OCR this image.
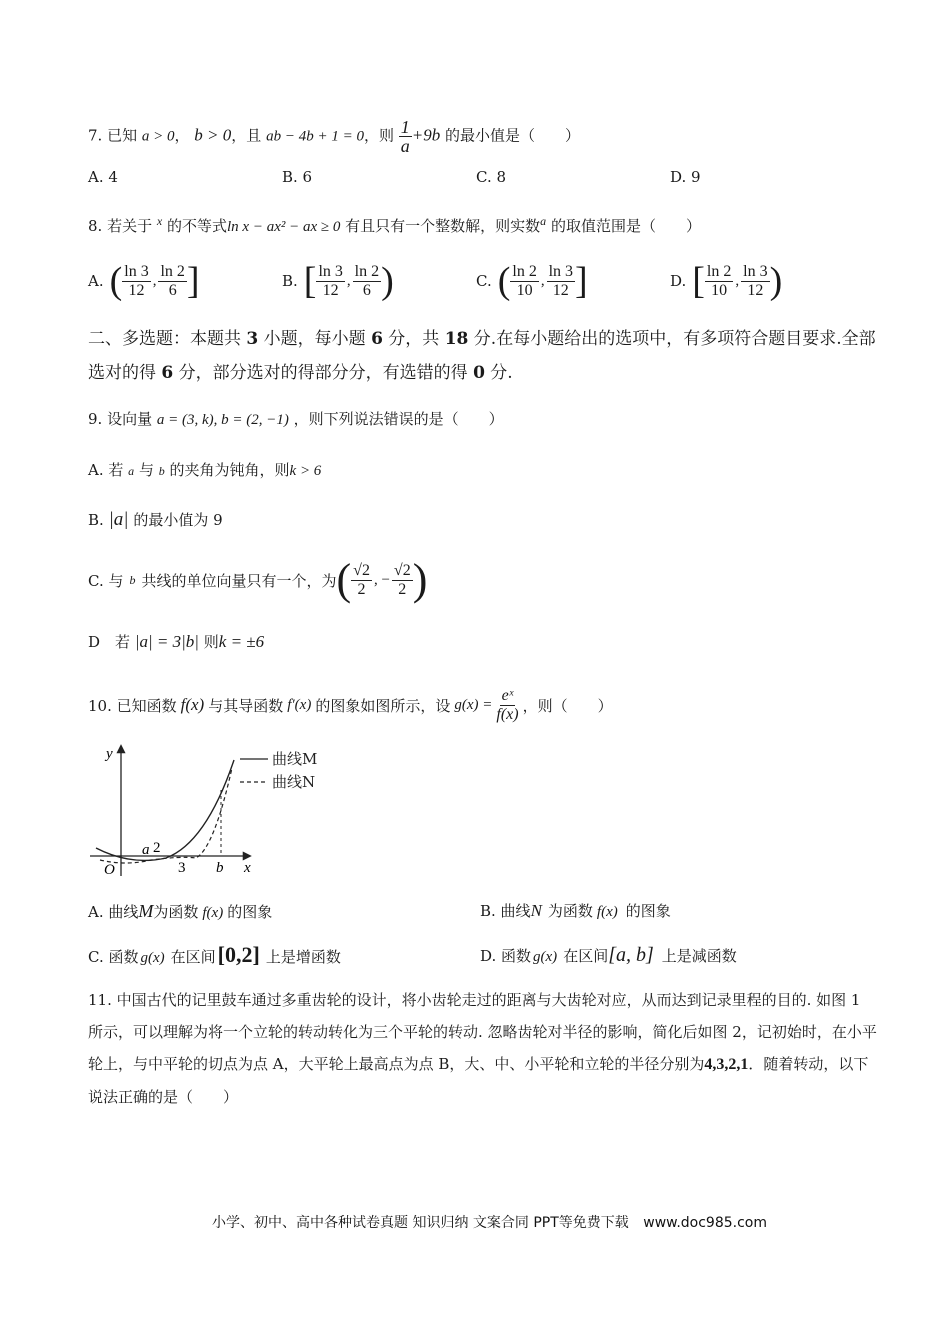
7. 已知 a > 0， b > 0，且 ab − 4b + 1 = 0，则 $\frac{1}{a} +9b$ 的最小值是（　　）
A. 4	B. 6	C. 8	D. 9
8. 若关于 $^x$ 的不等式ln x − ax² − ax ≥ 0 有且只有一个整数解，则实数$^a$ 的取值范围是（　　）
A. ( $\frac{\ln 3}{12}$ , $\frac{\ln 2}{6}$ ]	B. [ $\frac{\ln 3}{12}$ , $\frac{\ln 2}{6}$ )	C. ( $\frac{\ln 2}{10}$ , $\frac{\ln 3}{12}$ ]	D. [ $\frac{\ln 2}{10}$ , $\frac{\ln 3}{12}$ )
二、多选题：本题共 3 小题，每小题 6 分，共 18 分.在每小题给出的选项中，有多项符合题目要求.全部选对的得 6 分，部分选对的得部分分，有选错的得 0 分.
9. 设向量 a = (3, k), b = (2, −1) ，则下列说法错误的是（　　）
A. 若 a 与 b 的夹角为钝角，则k > 6
B. |a| 的最小值为 9
C. 与 b 共线的单位向量只有一个，为 ( $\frac{√2}{2}$ , − $\frac{√2}{2}$ )
D　若 |a| = 3|b| 则k = ±6
10. 已知函数 f(x) 与其导函数 f′(x) 的图象如图所示，设 $g(x) = \frac{\text{eˣ}}{f(x)}$ ，则（　　）
曲线M
曲线N
y
x
O
a 2
3 b
A. 曲线M为函数 f(x) 的图象	B. 曲线N 为函数 f(x) 的图象
C. 函数 g(x) 在区间[0,2] 上是增函数	D. 函数 g(x) 在区间[a, b] 上是减函数
11. 中国古代的记里鼓车通过多重齿轮的设计，将小齿轮走过的距离与大齿轮对应，从而达到记录里程的目的. 如图 1 所示，可以理解为将一个立轮的转动转化为三个平轮的转动. 忽略齿轮对半径的影响，简化后如图 2，记初始时，在小平轮上，与中平轮的切点为点 A，大平轮上最高点为点 B，大、中、小平轮和立轮的半径分别为4,3,2,1．随着转动，以下说法正确的是（　　）
小学、初中、高中各种试卷真题 知识归纳 文案合同 PPT等免费下载 www.doc985.com
